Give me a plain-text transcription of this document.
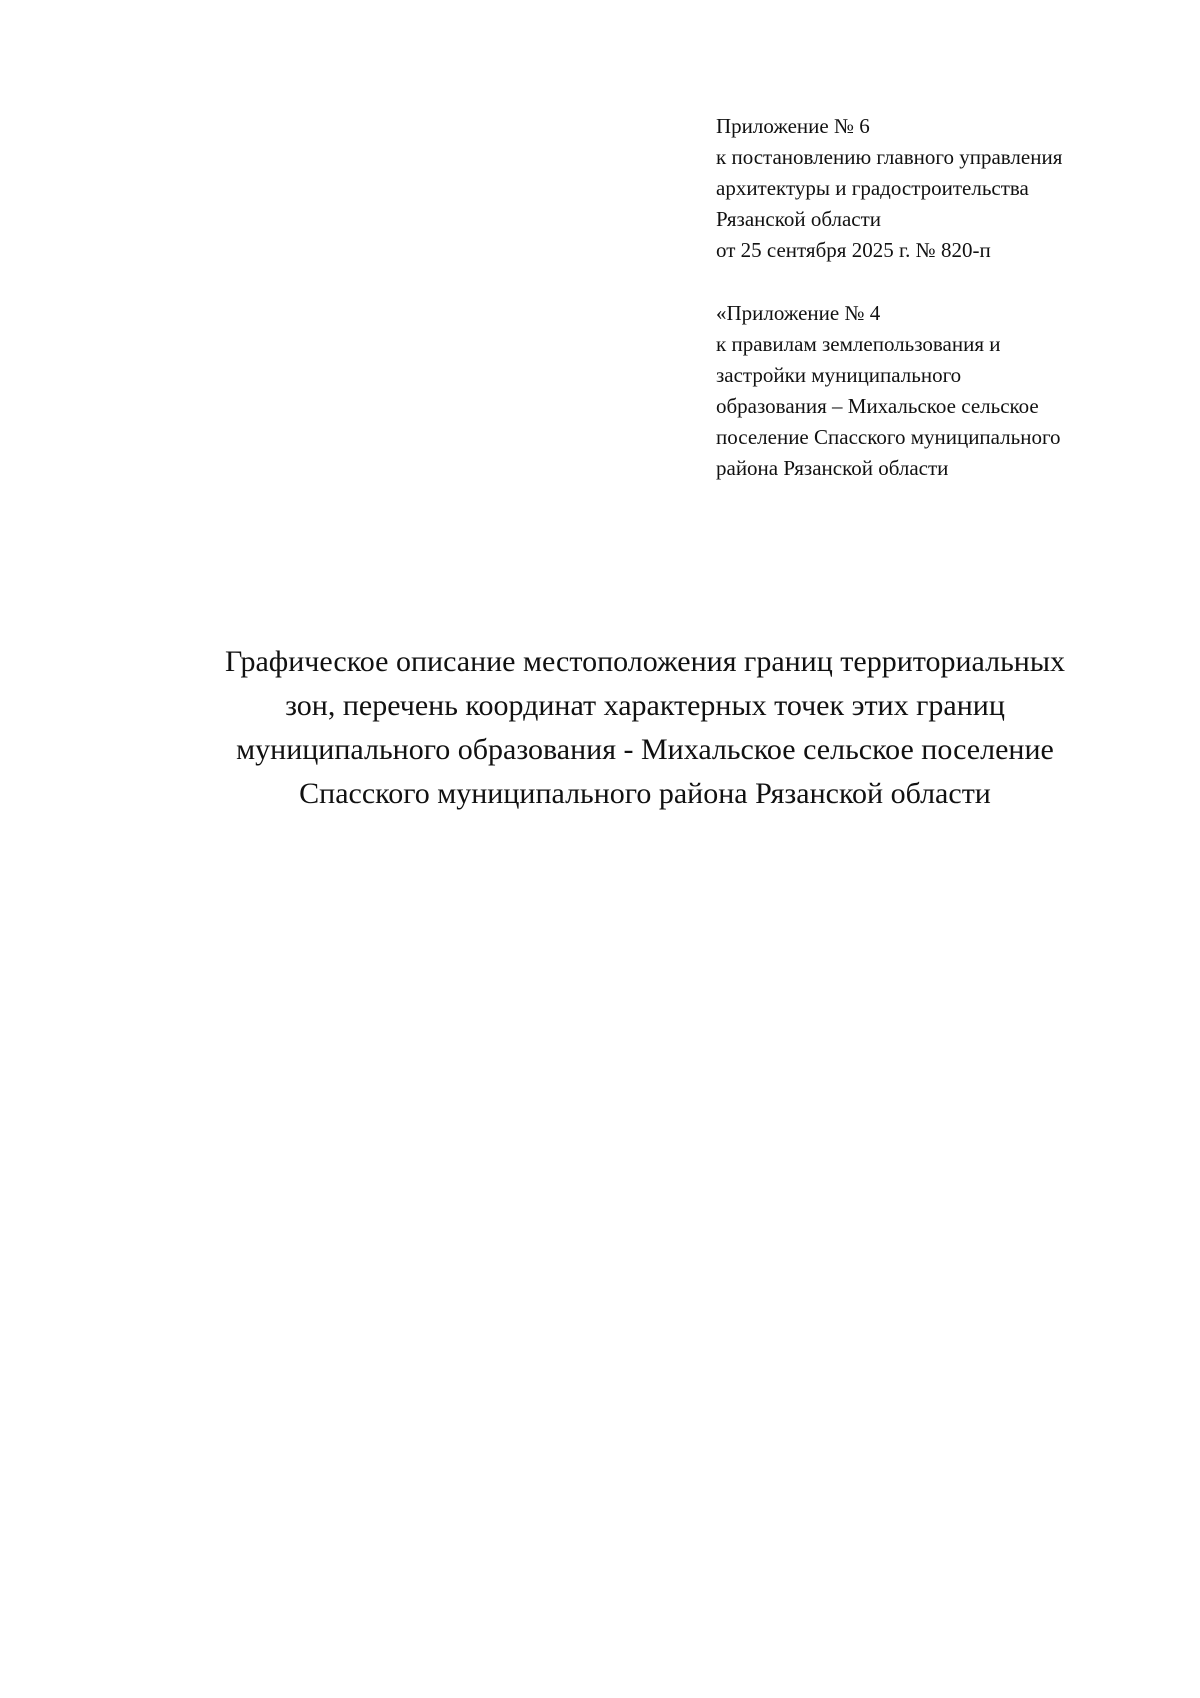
Приложение № 6
к постановлению главного управления
архитектуры и градостроительства
Рязанской области
от 25 сентября 2025 г. № 820-п
«Приложение № 4
к правилам землепользования и
застройки муниципального
образования – Михальское сельское
поселение Спасского муниципального
района Рязанской области
Графическое описание местоположения границ территориальных
зон, перечень координат характерных точек этих границ
муниципального образования - Михальское сельское поселение
Спасского муниципального района Рязанской области
